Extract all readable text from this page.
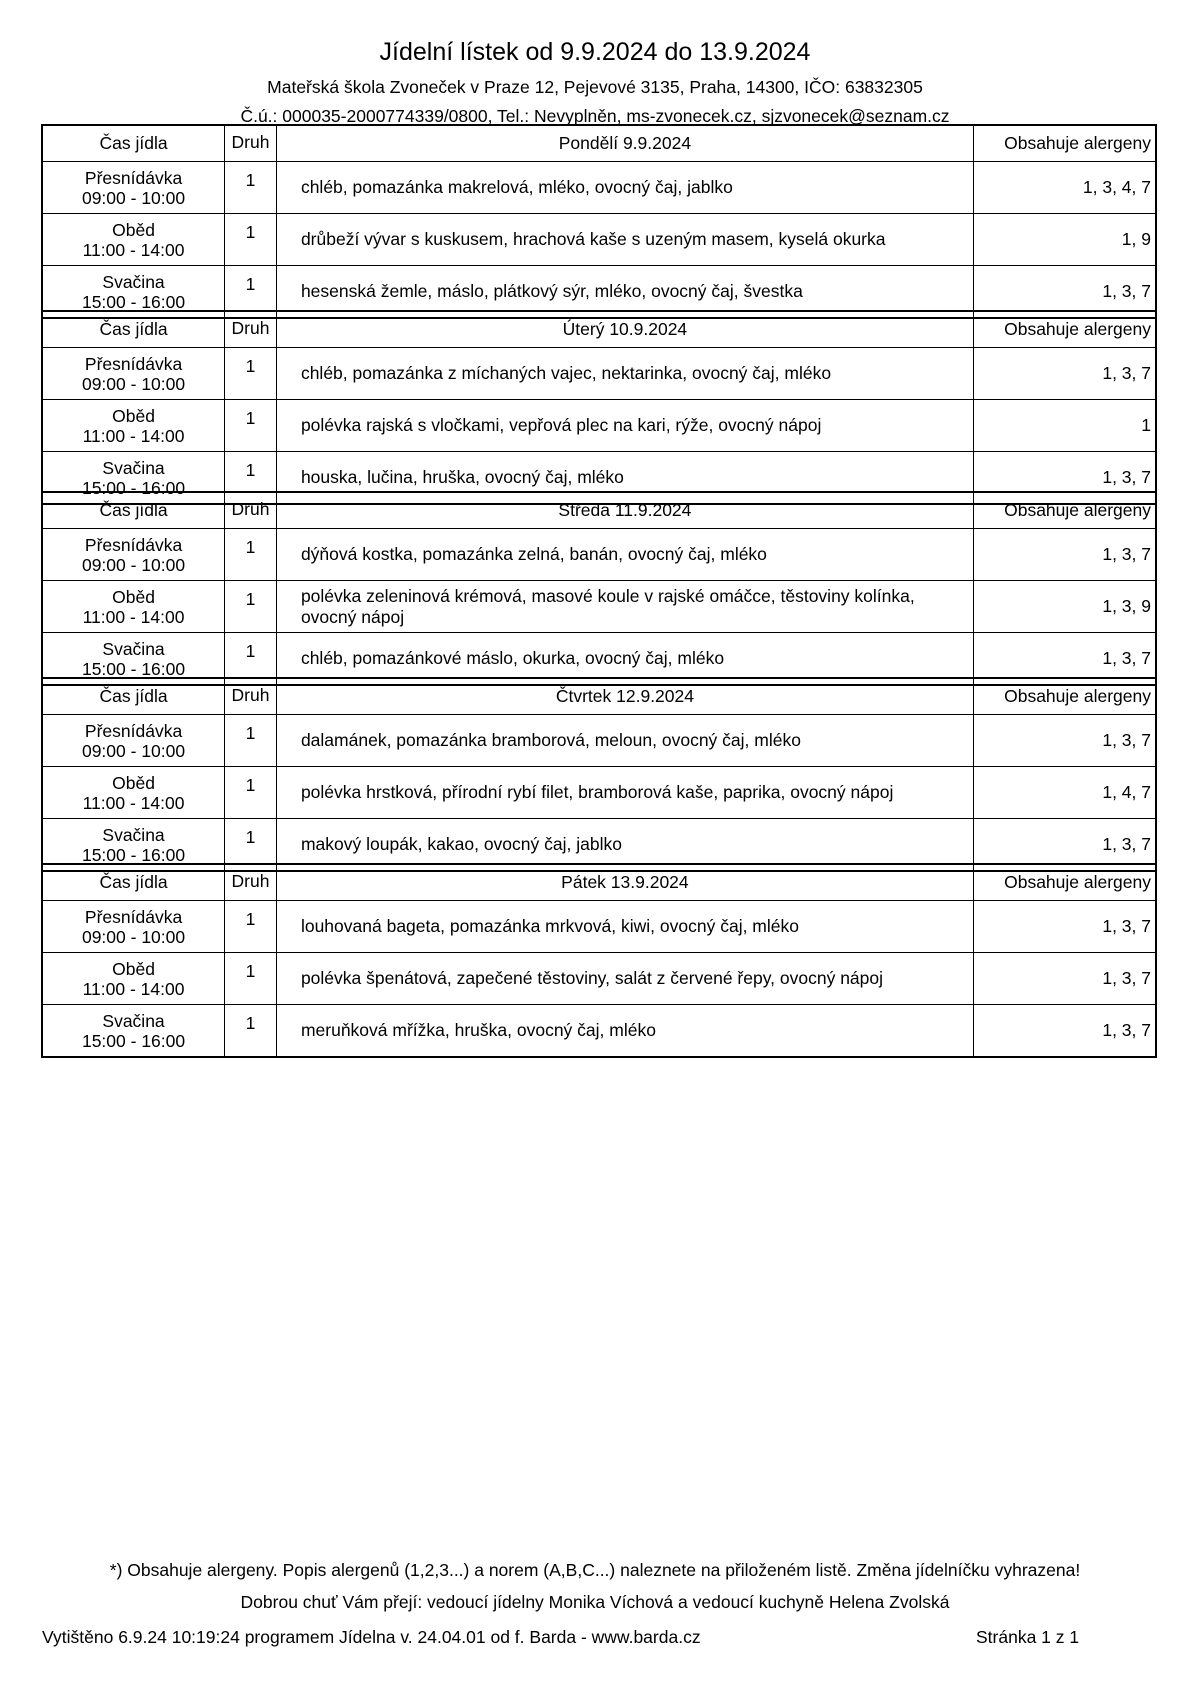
Jídelní lístek od 9.9.2024 do 13.9.2024
Mateřská škola Zvoneček v Praze 12, Pejevové 3135, Praha, 14300, IČO: 63832305
Č.ú.: 000035-2000774339/0800, Tel.: Nevyplněn, ms-zvonecek.cz, sjzvonecek@seznam.cz
Čas jídla	Druh	Pondělí 9.9.2024	Obsahuje alergeny

Přesnídávka
09:00 - 10:00	1	chléb, pomazánka makrelová, mléko, ovocný čaj, jablko	1, 3, 4, 7

Oběd
11:00 - 14:00	1	drůbeží vývar s kuskusem, hrachová kaše s uzeným masem, kyselá okurka	1, 9

Svačina
15:00 - 16:00	1	hesenská žemle, máslo, plátkový sýr, mléko, ovocný čaj, švestka	1, 3, 7
Čas jídla	Druh	Úterý 10.9.2024	Obsahuje alergeny

Přesnídávka
09:00 - 10:00	1	chléb, pomazánka z míchaných vajec, nektarinka, ovocný čaj, mléko	1, 3, 7

Oběd
11:00 - 14:00	1	polévka rajská s vločkami, vepřová plec na kari, rýže, ovocný nápoj	1

Svačina
15:00 - 16:00	1	houska, lučina, hruška, ovocný čaj, mléko	1, 3, 7
Čas jídla	Druh	Středa 11.9.2024	Obsahuje alergeny

Přesnídávka
09:00 - 10:00	1	dýňová kostka, pomazánka zelná, banán, ovocný čaj, mléko	1, 3, 7

Oběd
11:00 - 14:00	1	polévka zeleninová krémová, masové koule v rajské omáčce, těstoviny kolínka, ovocný nápoj	1, 3, 9

Svačina
15:00 - 16:00	1	chléb, pomazánkové máslo, okurka, ovocný čaj, mléko	1, 3, 7
Čas jídla	Druh	Čtvrtek 12.9.2024	Obsahuje alergeny

Přesnídávka
09:00 - 10:00	1	dalamánek, pomazánka bramborová, meloun, ovocný čaj, mléko	1, 3, 7

Oběd
11:00 - 14:00	1	polévka hrstková, přírodní rybí filet, bramborová kaše, paprika, ovocný nápoj	1, 4, 7

Svačina
15:00 - 16:00	1	makový loupák, kakao, ovocný čaj, jablko	1, 3, 7
Čas jídla	Druh	Pátek 13.9.2024	Obsahuje alergeny

Přesnídávka
09:00 - 10:00	1	louhovaná bageta, pomazánka mrkvová, kiwi, ovocný čaj, mléko	1, 3, 7

Oběd
11:00 - 14:00	1	polévka špenátová, zapečené těstoviny, salát z červené řepy, ovocný nápoj	1, 3, 7

Svačina
15:00 - 16:00	1	meruňková mřížka, hruška, ovocný čaj, mléko	1, 3, 7
*) Obsahuje alergeny. Popis alergenů (1,2,3...) a norem (A,B,C...) naleznete na přiloženém listě. Změna jídelníčku vyhrazena!
Dobrou chuť Vám přejí: vedoucí jídelny Monika Víchová a vedoucí kuchyně Helena Zvolská
Vytištěno 6.9.24 10:19:24 programem Jídelna v. 24.04.01 od f. Barda - www.barda.cz	Stránka 1 z 1
